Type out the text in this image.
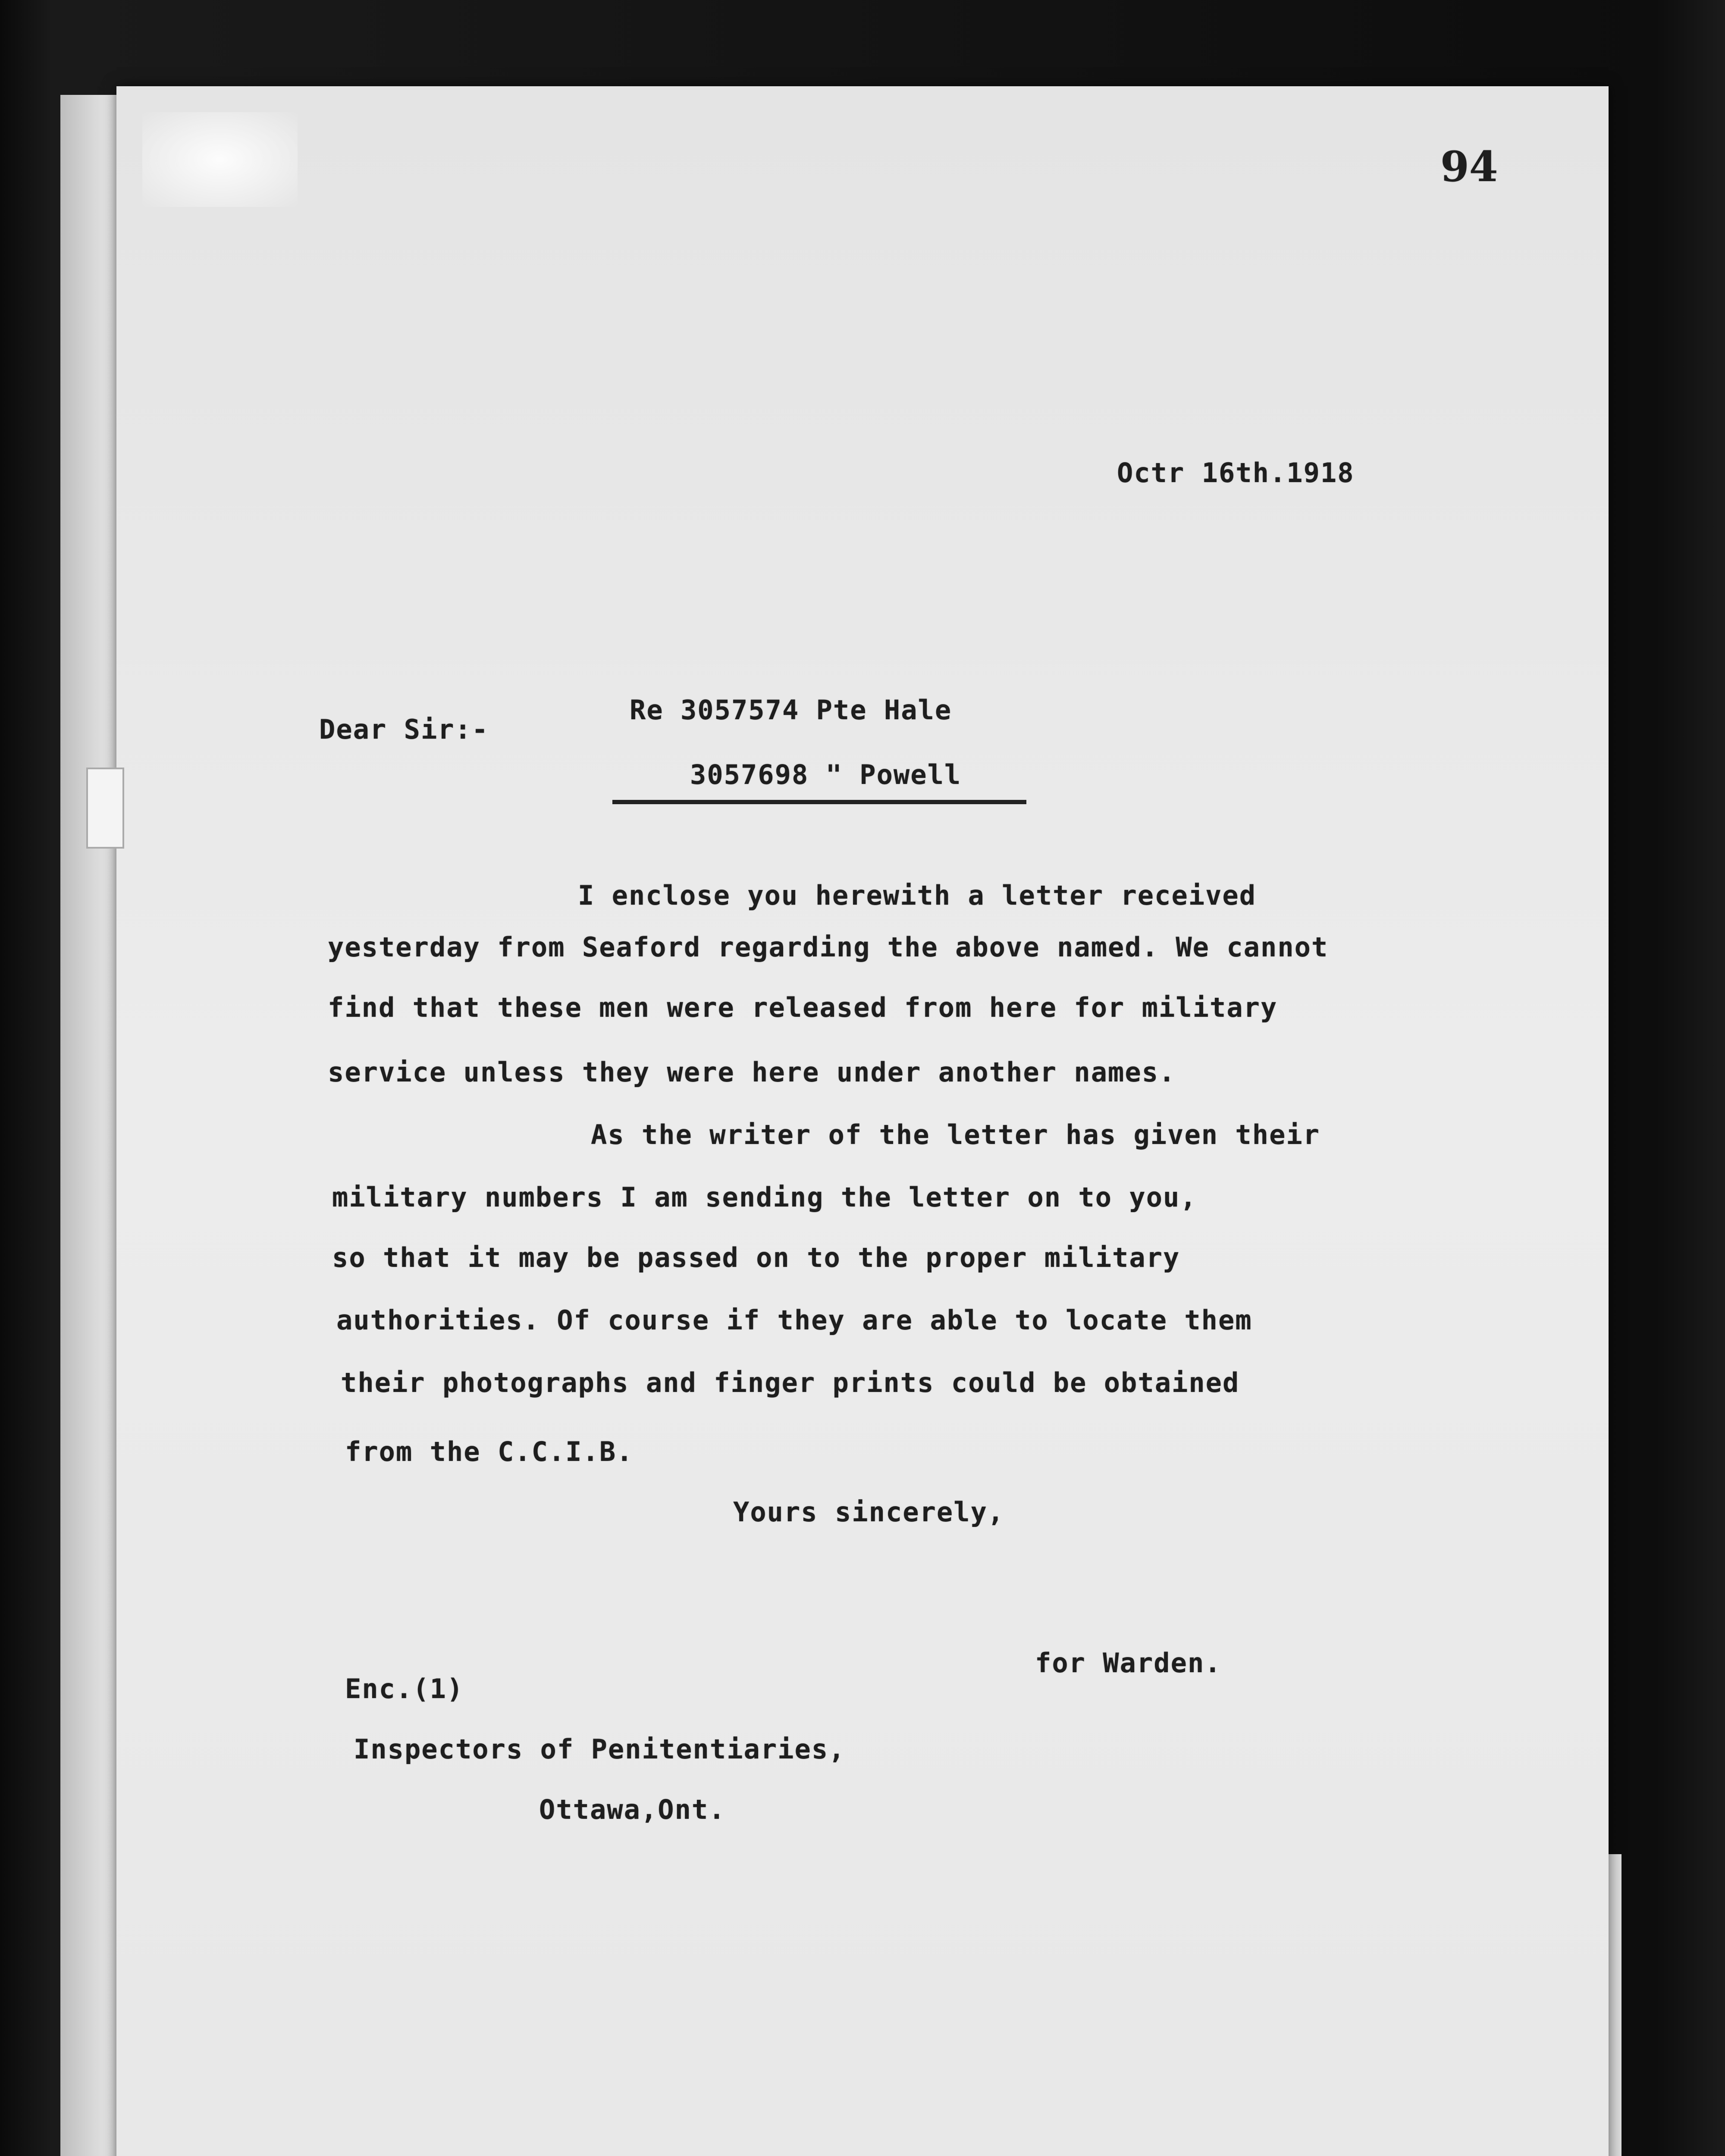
94
Octr 16th.1918
Dear Sir:-
Re 3057574 Pte Hale
3057698 " Powell
I enclose you herewith a letter received
yesterday from Seaford regarding the above named. We cannot
find that these men were released from here for military
service unless they were here under another names.
As the writer of the letter has given their
military numbers I am sending the letter on to you,
so that it may be passed on to the proper military
authorities. Of course if they are able to locate them
their photographs and finger prints could be obtained
from the C.C.I.B.
Yours sincerely,
for Warden.
Enc.(1)
Inspectors of Penitentiaries,
Ottawa,Ont.
